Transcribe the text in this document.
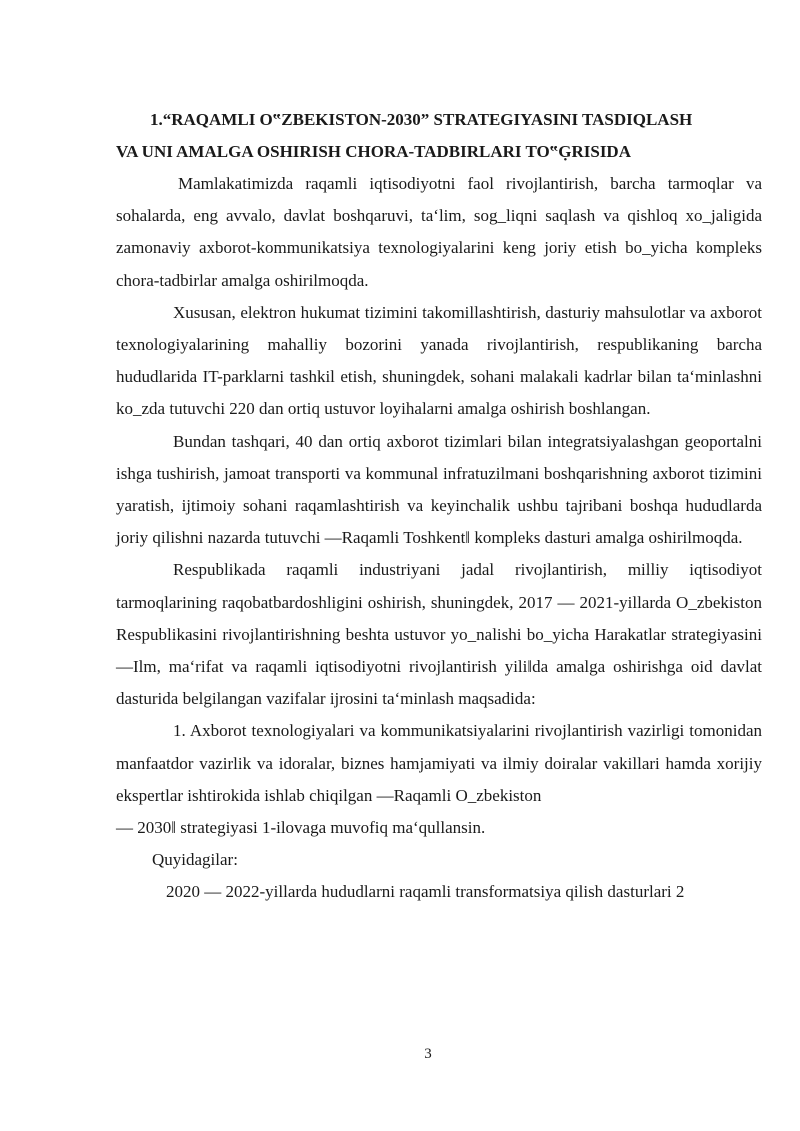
1.“RAQAMLI O‟ZBEKISTON-2030” STRATEGIYASINI TASDIQLASH
VA UNI AMALGA OSHIRISH CHORA-TADBIRLARI TO‟G̣RISIDA

Mamlakatimizda raqamli iqtisodiyotni faol rivojlantirish, barcha tarmoqlar va sohalarda, eng avvalo, davlat boshqaruvi, ta‘lim, sog_liqni saqlash va qishloq xo_jaligida zamonaviy axborot-kommunikatsiya texnologiyalarini keng joriy etish bo_yicha kompleks chora-tadbirlar amalga oshirilmoqda.

Xususan, elektron hukumat tizimini takomillashtirish, dasturiy mahsulotlar va axborot texnologiyalarining mahalliy bozorini yanada rivojlantirish, respublikaning barcha hududlarida IT-parklarni tashkil etish, shuningdek, sohani malakali kadrlar bilan ta‘minlashni ko_zda tutuvchi 220 dan ortiq ustuvor loyihalarni amalga oshirish boshlangan.

Bundan tashqari, 40 dan ortiq axborot tizimlari bilan integratsiyalashgan geoportalni ishga tushirish, jamoat transporti va kommunal infratuzilmani boshqarishning axborot tizimini yaratish, ijtimoiy sohani raqamlashtirish va keyinchalik ushbu tajribani boshqa hududlarda joriy qilishni nazarda tutuvchi ―Raqamli Toshkent‖ kompleks dasturi amalga oshirilmoqda.

Respublikada raqamli industriyani jadal rivojlantirish, milliy iqtisodiyot tarmoqlarining raqobatbardoshligini oshirish, shuningdek, 2017 — 2021-yillarda O_zbekiston Respublikasini rivojlantirishning beshta ustuvor yo_nalishi bo_yicha Harakatlar strategiyasini ―Ilm, ma‘rifat va raqamli iqtisodiyotni rivojlantirish yili‖da amalga oshirishga oid davlat dasturida belgilangan vazifalar ijrosini ta‘minlash maqsadida:

1. Axborot texnologiyalari va kommunikatsiyalarini rivojlantirish vazirligi tomonidan manfaatdor vazirlik va idoralar, biznes hamjamiyati va ilmiy doiralar vakillari hamda xorijiy ekspertlar ishtirokida ishlab chiqilgan ―Raqamli O_zbekiston

— 2030‖ strategiyasi 1-ilovaga muvofiq ma‘qullansin.

Quyidagilar:

2020 — 2022-yillarda hududlarni raqamli transformatsiya qilish dasturlari 2

3
